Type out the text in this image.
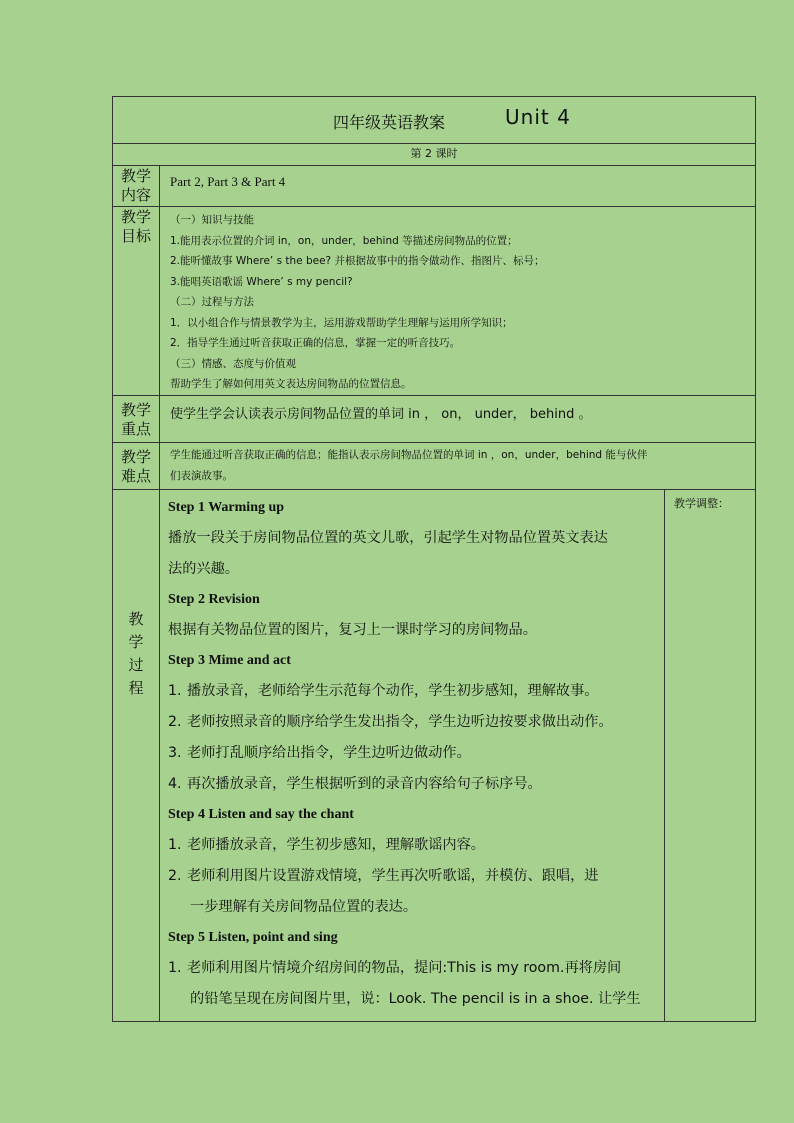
四年级英语教案	Unit 4
第 2 课时
教学
内容
Part 2, Part 3 & Part 4
教学
目标
（一）知识与技能
1.能用表示位置的介词 in，on，under，behind 等描述房间物品的位置；
2.能听懂故事 Where’ s the bee? 并根据故事中的指令做动作、指图片、标号；
3.能唱英语歌谣 Where’ s my pencil?
（二）过程与方法
1．以小组合作与情景教学为主，运用游戏帮助学生理解与运用所学知识；
2．指导学生通过听音获取正确的信息，掌握一定的听音技巧。
（三）情感、态度与价值观
帮助学生了解如何用英文表达房间物品的位置信息。
教学
重点
使学生学会认读表示房间物品位置的单词 in ， on， under， behind 。
教学
难点
学生能通过听音获取正确的信息；能指认表示房间物品位置的单词 in ，on，under，behind 能与伙伴
们表演故事。
教
学
过
程
Step 1 Warming up
播放一段关于房间物品位置的英文儿歌，引起学生对物品位置英文表达
法的兴趣。
Step 2 Revision
根据有关物品位置的图片，复习上一课时学习的房间物品。
Step 3 Mime and act
1. 播放录音，老师给学生示范每个动作，学生初步感知，理解故事。
2. 老师按照录音的顺序给学生发出指令，学生边听边按要求做出动作。
3. 老师打乱顺序给出指令，学生边听边做动作。
4. 再次播放录音，学生根据听到的录音内容给句子标序号。
Step 4 Listen and say the chant
1. 老师播放录音，学生初步感知，理解歌谣内容。
2. 老师利用图片设置游戏情境，学生再次听歌谣，并模仿、跟唱，进
一步理解有关房间物品位置的表达。
Step 5 Listen, point and sing
1. 老师利用图片情境介绍房间的物品，提问:This is my room.再将房间
的铅笔呈现在房间图片里，说：Look. The pencil is in a shoe. 让学生
教学调整：
